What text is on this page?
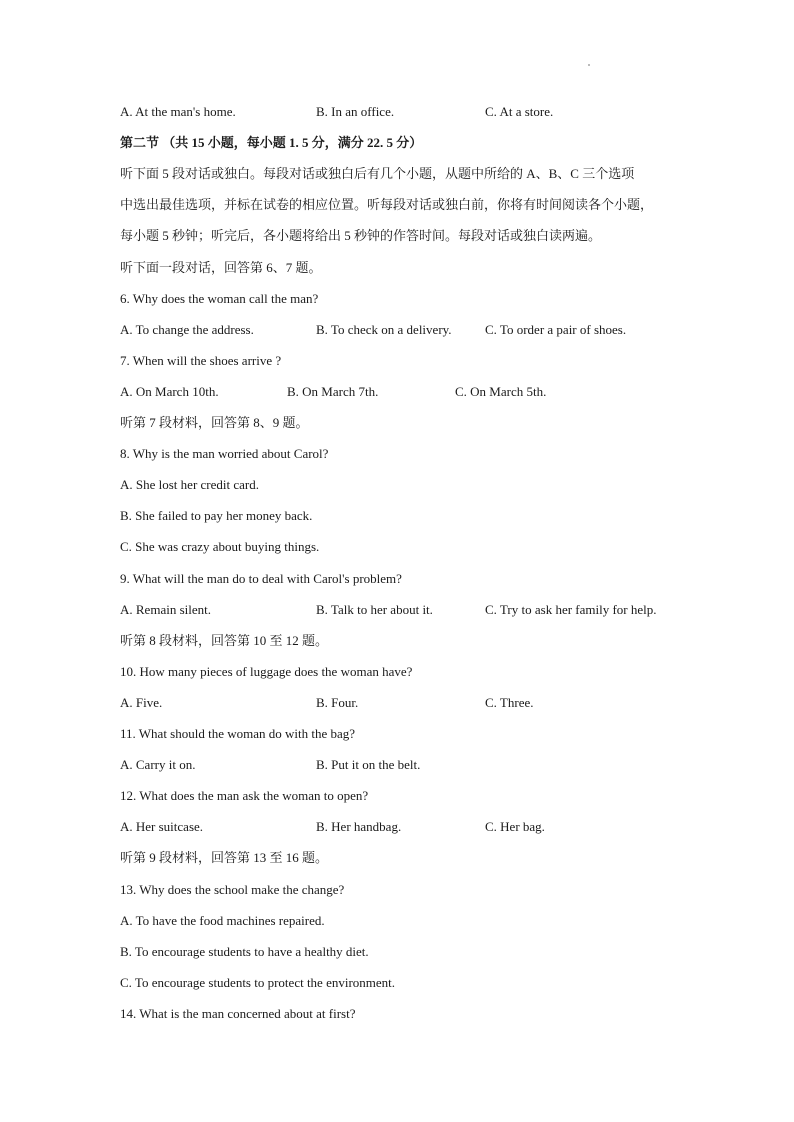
A. At the man's home.	B. In an office.	C. At a store.
第二节 （共 15 小题，每小题 1. 5 分，满分 22. 5 分）
听下面 5 段对话或独白。每段对话或独白后有几个小题，从题中所给的 A、B、C 三个选项
中选出最佳选项，并标在试卷的相应位置。听每段对话或独白前，你将有时间阅读各个小题，
每小题 5 秒钟；听完后，各小题将给出 5 秒钟的作答时间。每段对话或独白读两遍。
听下面一段对话，回答第 6、7 题。
6. Why does the woman call the man?
A. To change the address.	B. To check on a delivery.	C. To order a pair of shoes.
7. When will the shoes arrive ?
A. On March 10th.	B. On March 7th.	C. On March 5th.
听第 7 段材料，回答第 8、9 题。
8. Why is the man worried about Carol?
A. She lost her credit card.
B. She failed to pay her money back.
C. She was crazy about buying things.
9. What will the man do to deal with Carol's problem?
A. Remain silent.	B. Talk to her about it.	C. Try to ask her family for help.
听第 8 段材料，回答第 10 至 12 题。
10. How many pieces of luggage does the woman have?
A. Five.	B. Four.	C. Three.
11. What should the woman do with the bag?
A. Carry it on.	B. Put it on the belt.
12. What does the man ask the woman to open?
A. Her suitcase.	B. Her handbag.	C. Her bag.
听第 9 段材料，回答第 13 至 16 题。
13. Why does the school make the change?
A. To have the food machines repaired.
B. To encourage students to have a healthy diet.
C. To encourage students to protect the environment.
14. What is the man concerned about at first?
